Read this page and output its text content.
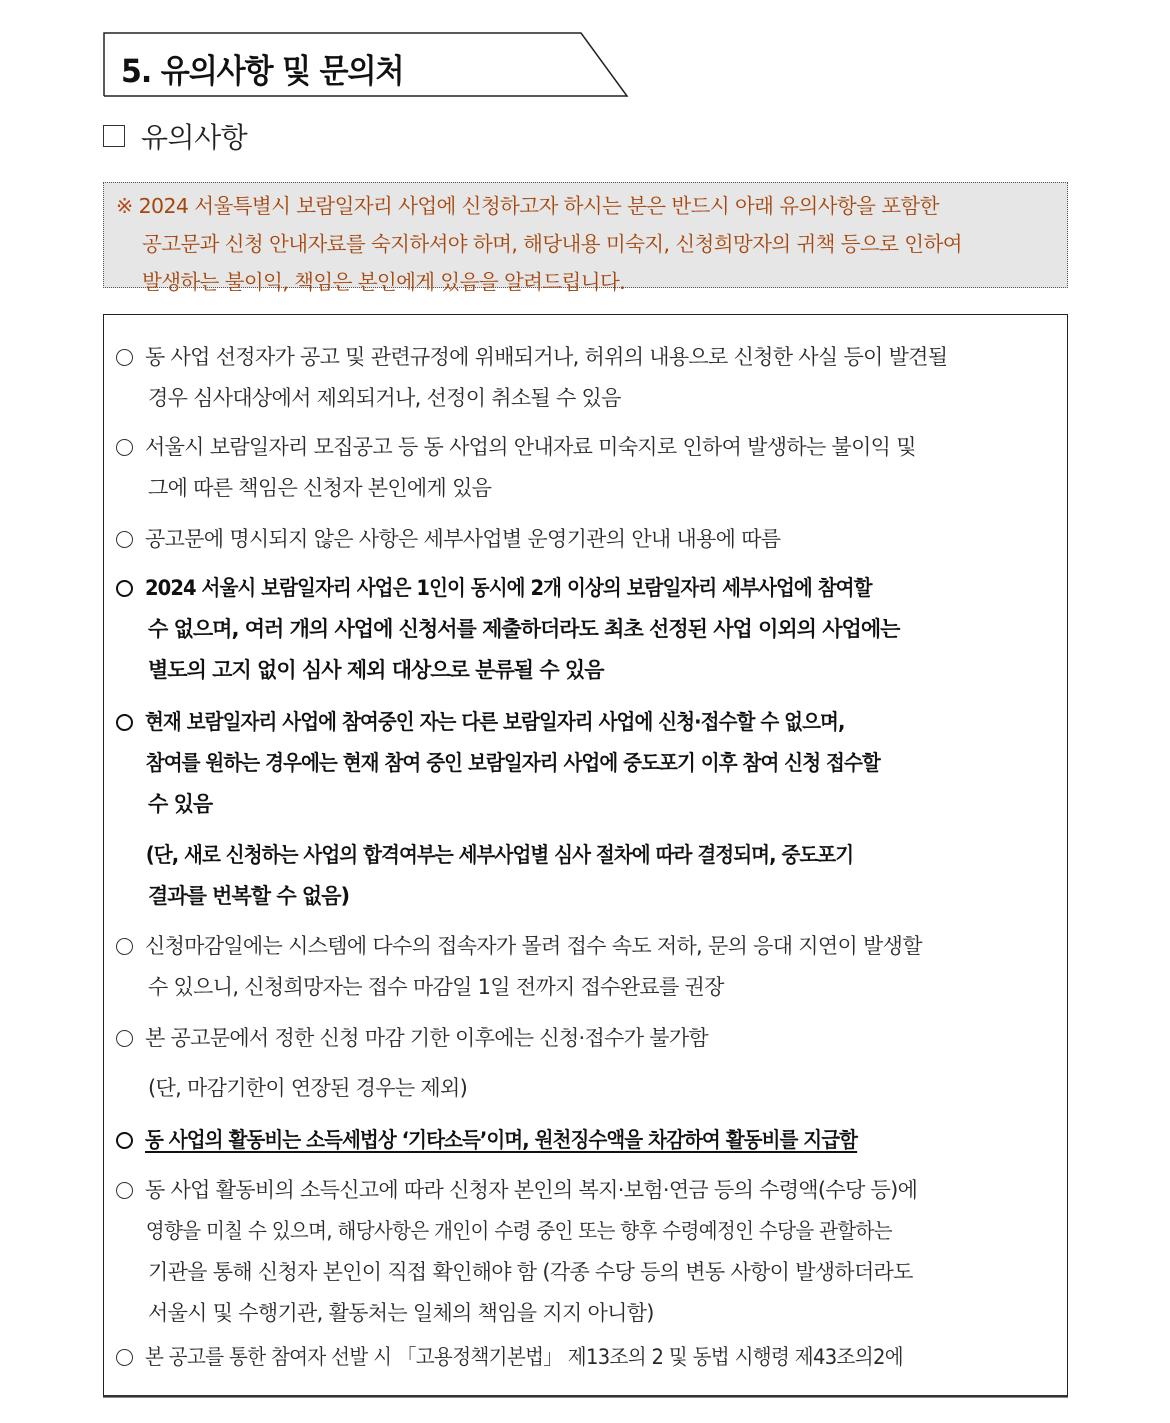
5. 유의사항 및 문의처
유의사항
※ 2024 서울특별시 보람일자리 사업에 신청하고자 하시는 분은 반드시 아래 유의사항을 포함한
공고문과 신청 안내자료를 숙지하셔야 하며, 해당내용 미숙지, 신청희망자의 귀책 등으로 인하여
발생하는 불이익, 책임은 본인에게 있음을 알려드립니다.
동 사업 선정자가 공고 및 관련규정에 위배되거나, 허위의 내용으로 신청한 사실 등이 발견될
경우 심사대상에서 제외되거나, 선정이 취소될 수 있음
서울시 보람일자리 모집공고 등 동 사업의 안내자료 미숙지로 인하여 발생하는 불이익 및
그에 따른 책임은 신청자 본인에게 있음
공고문에 명시되지 않은 사항은 세부사업별 운영기관의 안내 내용에 따름
2024 서울시 보람일자리 사업은 1인이 동시에 2개 이상의 보람일자리 세부사업에 참여할
수 없으며, 여러 개의 사업에 신청서를 제출하더라도 최초 선정된 사업 이외의 사업에는
별도의 고지 없이 심사 제외 대상으로 분류될 수 있음
현재 보람일자리 사업에 참여중인 자는 다른 보람일자리 사업에 신청·접수할 수 없으며,
참여를 원하는 경우에는 현재 참여 중인 보람일자리 사업에 중도포기 이후 참여 신청 접수할
수 있음
(단, 새로 신청하는 사업의 합격여부는 세부사업별 심사 절차에 따라 결정되며, 중도포기
결과를 번복할 수 없음)
신청마감일에는 시스템에 다수의 접속자가 몰려 접수 속도 저하, 문의 응대 지연이 발생할
수 있으니, 신청희망자는 접수 마감일 1일 전까지 접수완료를 권장
본 공고문에서 정한 신청 마감 기한 이후에는 신청·접수가 불가함
(단, 마감기한이 연장된 경우는 제외)
동 사업의 활동비는 소득세법상 ‘기타소득’이며, 원천징수액을 차감하여 활동비를 지급함
동 사업 활동비의 소득신고에 따라 신청자 본인의 복지·보험·연금 등의 수령액(수당 등)에
영향을 미칠 수 있으며, 해당사항은 개인이 수령 중인 또는 향후 수령예정인 수당을 관할하는
기관을 통해 신청자 본인이 직접 확인해야 함 (각종 수당 등의 변동 사항이 발생하더라도
서울시 및 수행기관, 활동처는 일체의 책임을 지지 아니함)
본 공고를 통한 참여자 선발 시 「고용정책기본법」 제13조의 2 및 동법 시행령 제43조의2에
